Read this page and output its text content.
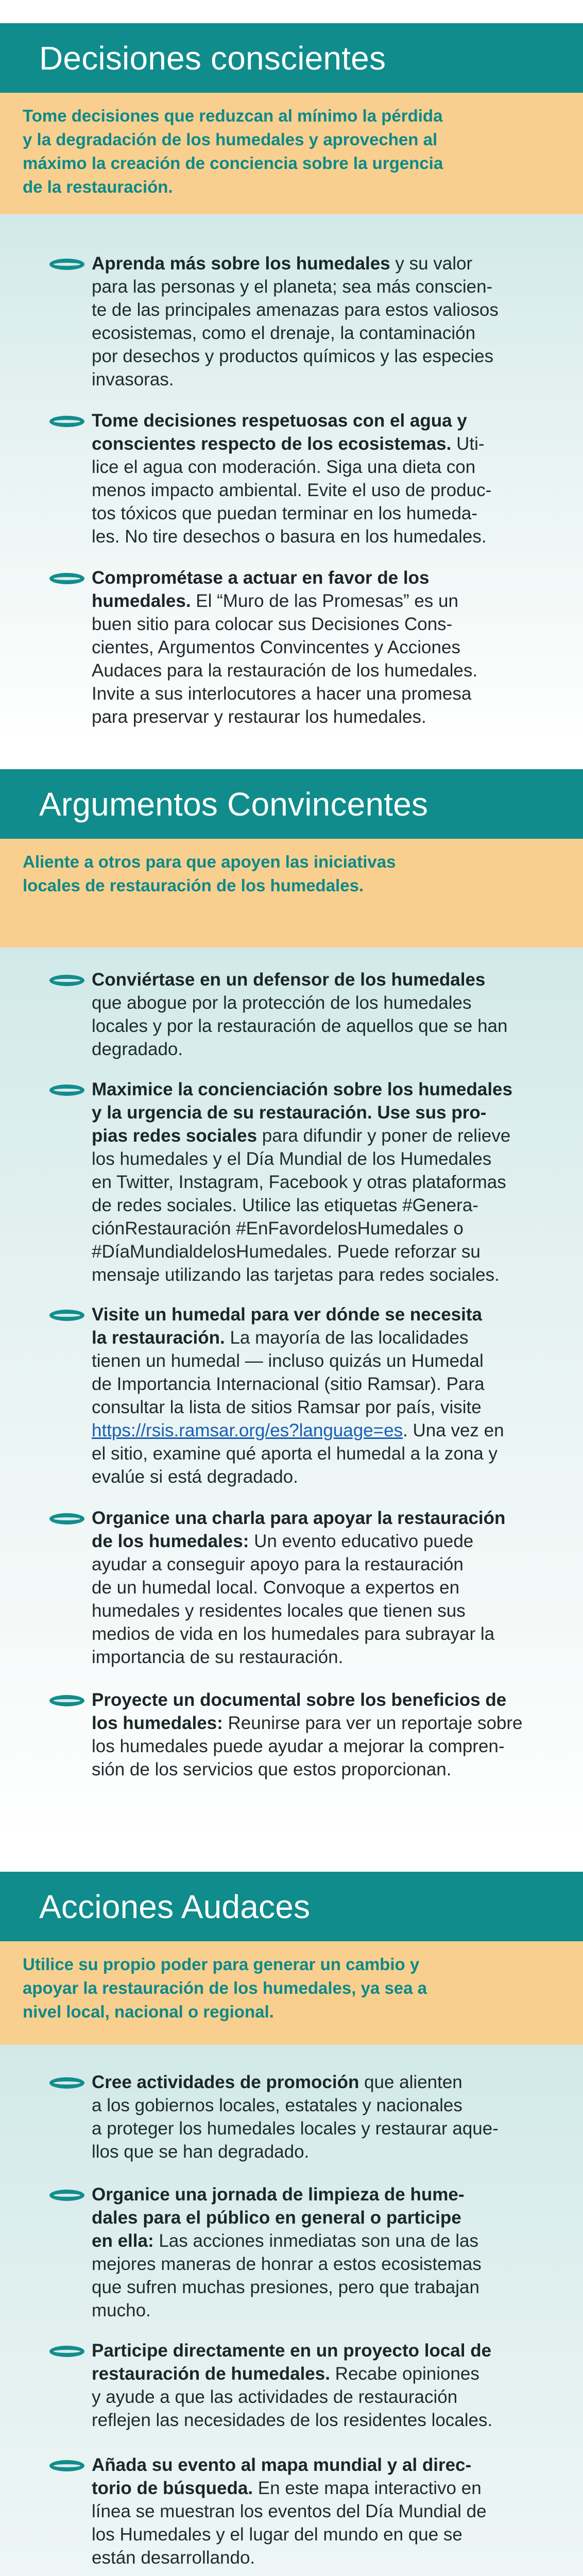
Decisiones conscientes

Tome decisiones que reduzcan al mínimo la pérdida

y la degradación de los humedales y aprovechen al

máximo la creación de conciencia sobre la urgencia

de la restauración.

Aprenda más sobre los humedales y su valor
para las personas y el planeta; sea más conscien-
te de las principales amenazas para estos valiosos
ecosistemas, como el drenaje, la contaminación
por desechos y productos químicos y las especies
invasoras.
Tome decisiones respetuosas con el agua y
conscientes respecto de los ecosistemas. Uti-
lice el agua con moderación. Siga una dieta con
menos impacto ambiental. Evite el uso de produc-
tos tóxicos que puedan terminar en los humeda-
les. No tire desechos o basura en los humedales.
Comprométase a actuar en favor de los
humedales. El “Muro de las Promesas” es un
buen sitio para colocar sus Decisiones Cons-
cientes, Argumentos Convincentes y Acciones
Audaces para la restauración de los humedales.
Invite a sus interlocutores a hacer una promesa
para preservar y restaurar los humedales.
Argumentos Convincentes

Aliente a otros para que apoyen las iniciativas

locales de restauración de los humedales.

Conviértase en un defensor de los humedales
que abogue por la protección de los humedales
locales y por la restauración de aquellos que se han
degradado.
Maximice la concienciación sobre los humedales
y la urgencia de su restauración. Use sus pro-
pias redes sociales para difundir y poner de relieve
los humedales y el Día Mundial de los Humedales
en Twitter, Instagram, Facebook y otras plataformas
de redes sociales. Utilice las etiquetas #Genera-
ciónRestauración #EnFavordelosHumedales o
#DíaMundialdelosHumedales. Puede reforzar su
mensaje utilizando las tarjetas para redes sociales.
Visite un humedal para ver dónde se necesita
la restauración. La mayoría de las localidades
tienen un humedal — incluso quizás un Humedal
de Importancia Internacional (sitio Ramsar). Para
consultar la lista de sitios Ramsar por país, visite
https://rsis.ramsar.org/es?language=es. Una vez en
el sitio, examine qué aporta el humedal a la zona y
evalúe si está degradado.
Organice una charla para apoyar la restauración
de los humedales: Un evento educativo puede
ayudar a conseguir apoyo para la restauración
de un humedal local. Convoque a expertos en
humedales y residentes locales que tienen sus
medios de vida en los humedales para subrayar la
importancia de su restauración.
Proyecte un documental sobre los beneficios de
los humedales: Reunirse para ver un reportaje sobre
los humedales puede ayudar a mejorar la compren-
sión de los servicios que estos proporcionan.
Acciones Audaces

Utilice su propio poder para generar un cambio y

apoyar la restauración de los humedales, ya sea a

nivel local, nacional o regional.

Cree actividades de promoción que alienten
a los gobiernos locales, estatales y nacionales
a proteger los humedales locales y restaurar aque-
llos que se han degradado.
Organice una jornada de limpieza de hume-
dales para el público en general o participe
en ella: Las acciones inmediatas son una de las
mejores maneras de honrar a estos ecosistemas
que sufren muchas presiones, pero que trabajan
mucho.
Participe directamente en un proyecto local de
restauración de humedales. Recabe opiniones
y ayude a que las actividades de restauración
reflejen las necesidades de los residentes locales.
Añada su evento al mapa mundial y al direc-
torio de búsqueda. En este mapa interactivo en
línea se muestran los eventos del Día Mundial de
los Humedales y el lugar del mundo en que se
están desarrollando.
